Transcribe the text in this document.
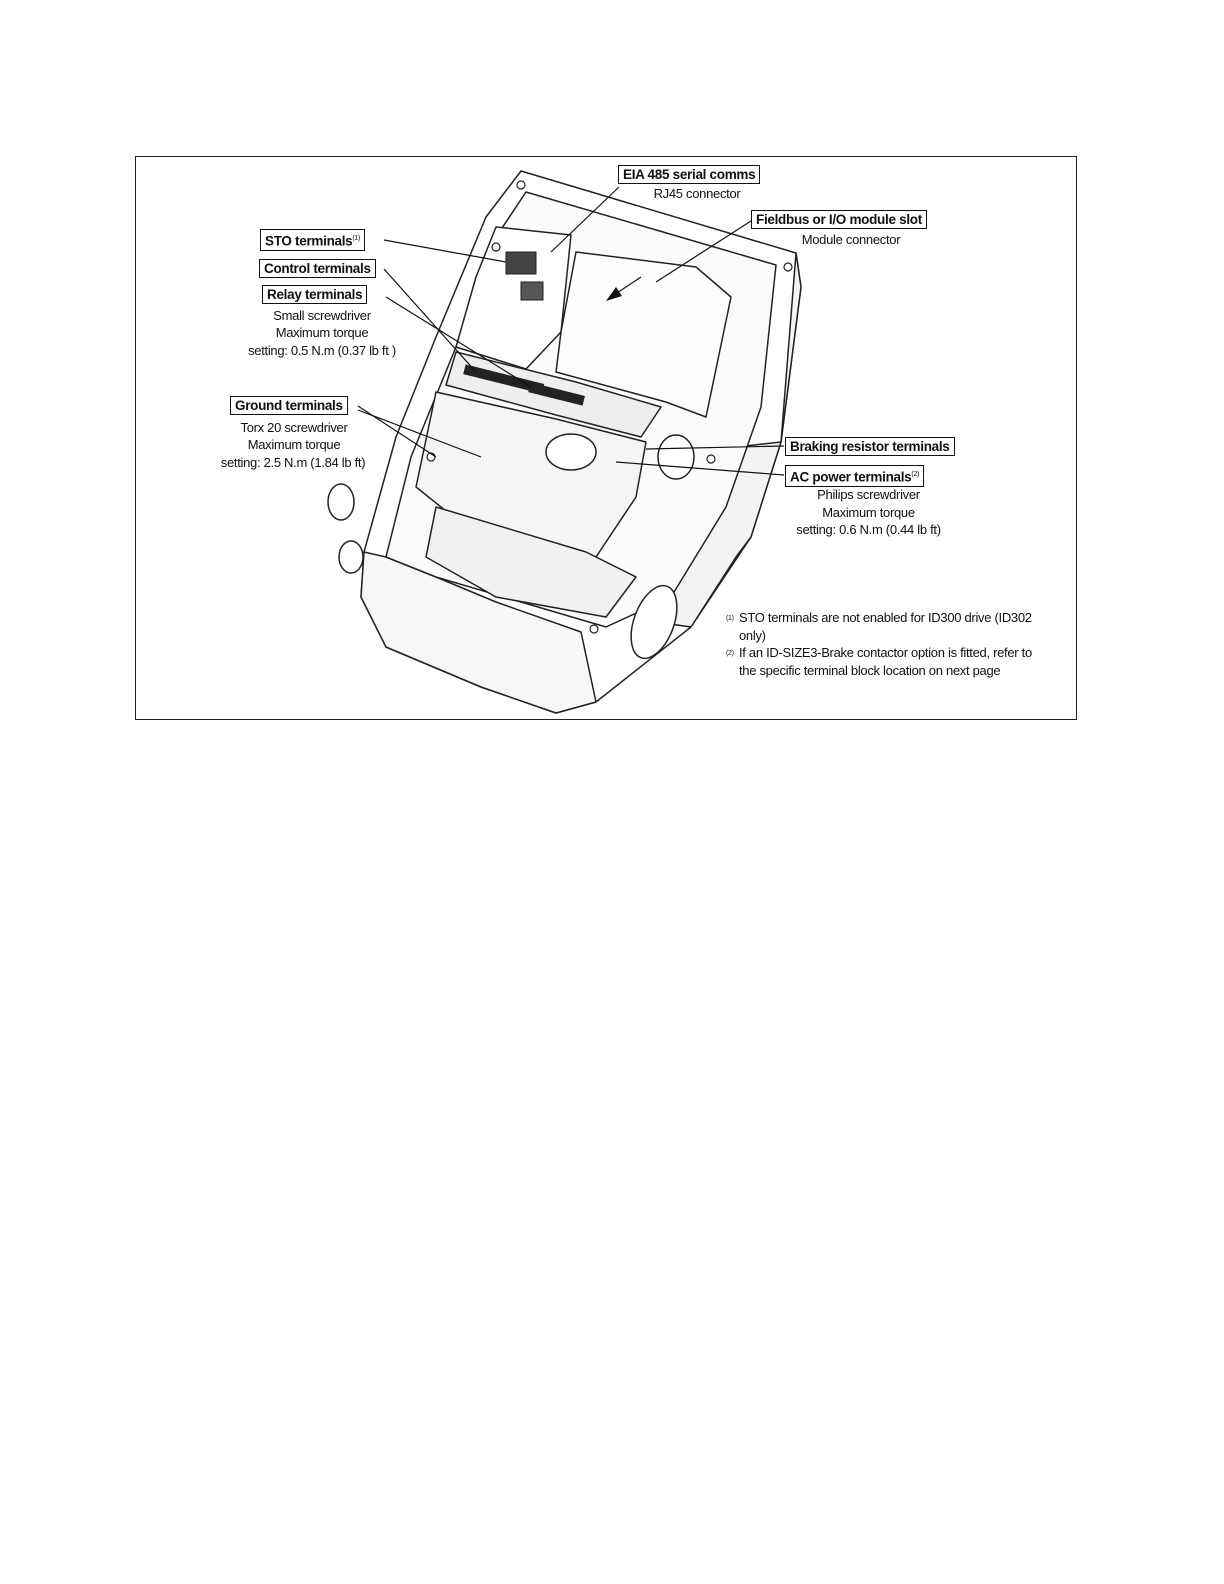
EIA 485 serial comms
RJ45 connector
Fieldbus or I/O module slot
Module connector
STO terminals$^{(1)}$
Control terminals
Relay terminals
Small screwdriver
Maximum torque
setting: 0.5 N.m (0.37 lb ft )
Ground terminals
Torx 20 screwdriver
Maximum torque
setting: 2.5 N.m (1.84 lb ft)
Braking resistor terminals
AC power terminals$^{(2)}$
Philips screwdriver
Maximum torque
setting: 0.6 N.m (0.44 lb ft)
(1) STO terminals are not enabled for ID300 drive (ID302 only)
(2) If an ID-SIZE3-Brake contactor option is fitted, refer to the specific terminal block location on next page
